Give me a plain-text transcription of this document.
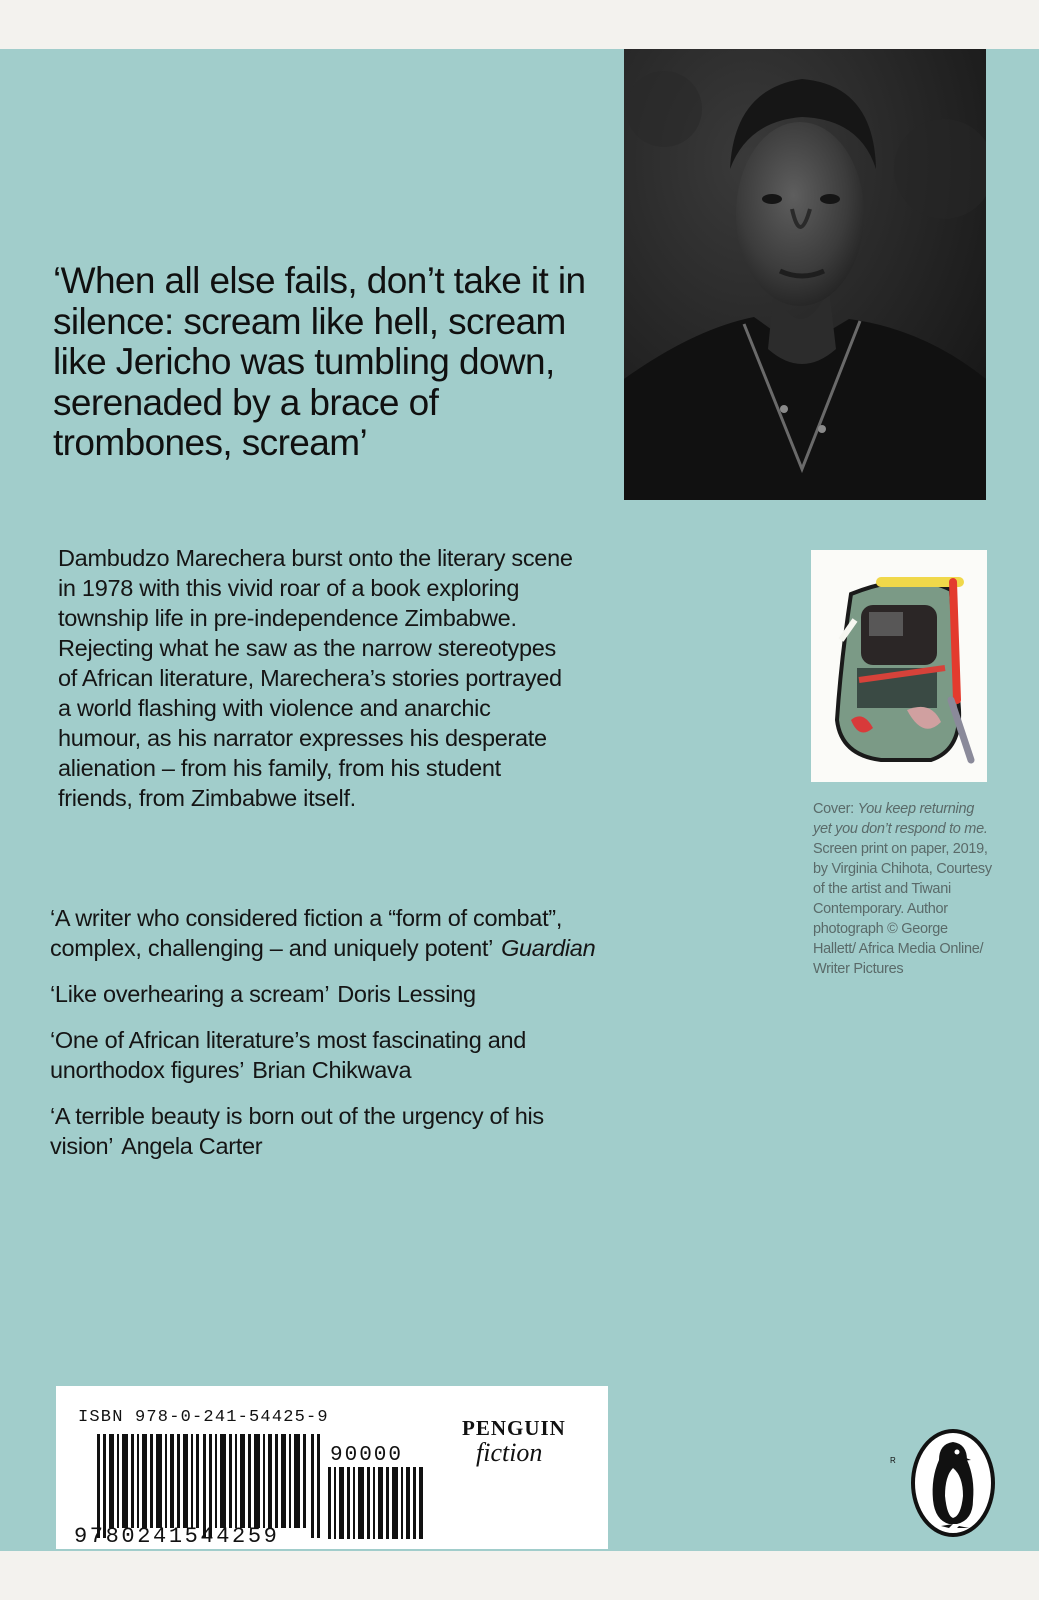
‘When all else fails, don’t take it in silence: scream like hell, scream like Jericho was tumbling down, serenaded by a brace of trombones, scream’

Dambudzo Marechera burst onto the literary scene in 1978 with this vivid roar of a book exploring township life in pre-independence Zimbabwe. Rejecting what he saw as the narrow stereotypes of African literature, Marechera’s stories portrayed a world flashing with violence and anarchic humour, as his narrator expresses his desperate alienation – from his family, from his student friends, from Zimbabwe itself.

‘A writer who considered fiction a “form of combat”, complex, challenging – and uniquely potent’ Guardian

‘Like overhearing a scream’ Doris Lessing

‘One of African literature’s most fascinating and unorthodox figures’ Brian Chikwava

‘A terrible beauty is born out of the urgency of his vision’ Angela Carter

Cover: You keep returning yet you don’t respond to me. Screen print on paper, 2019, by Virginia Chihota, Courtesy of the artist and Tiwani Contemporary. Author photograph © George Hallett/ Africa Media Online/ Writer Pictures

ISBN 978-0-241-54425-9

90000

9780241544259

PENGUIN

fiction	R
